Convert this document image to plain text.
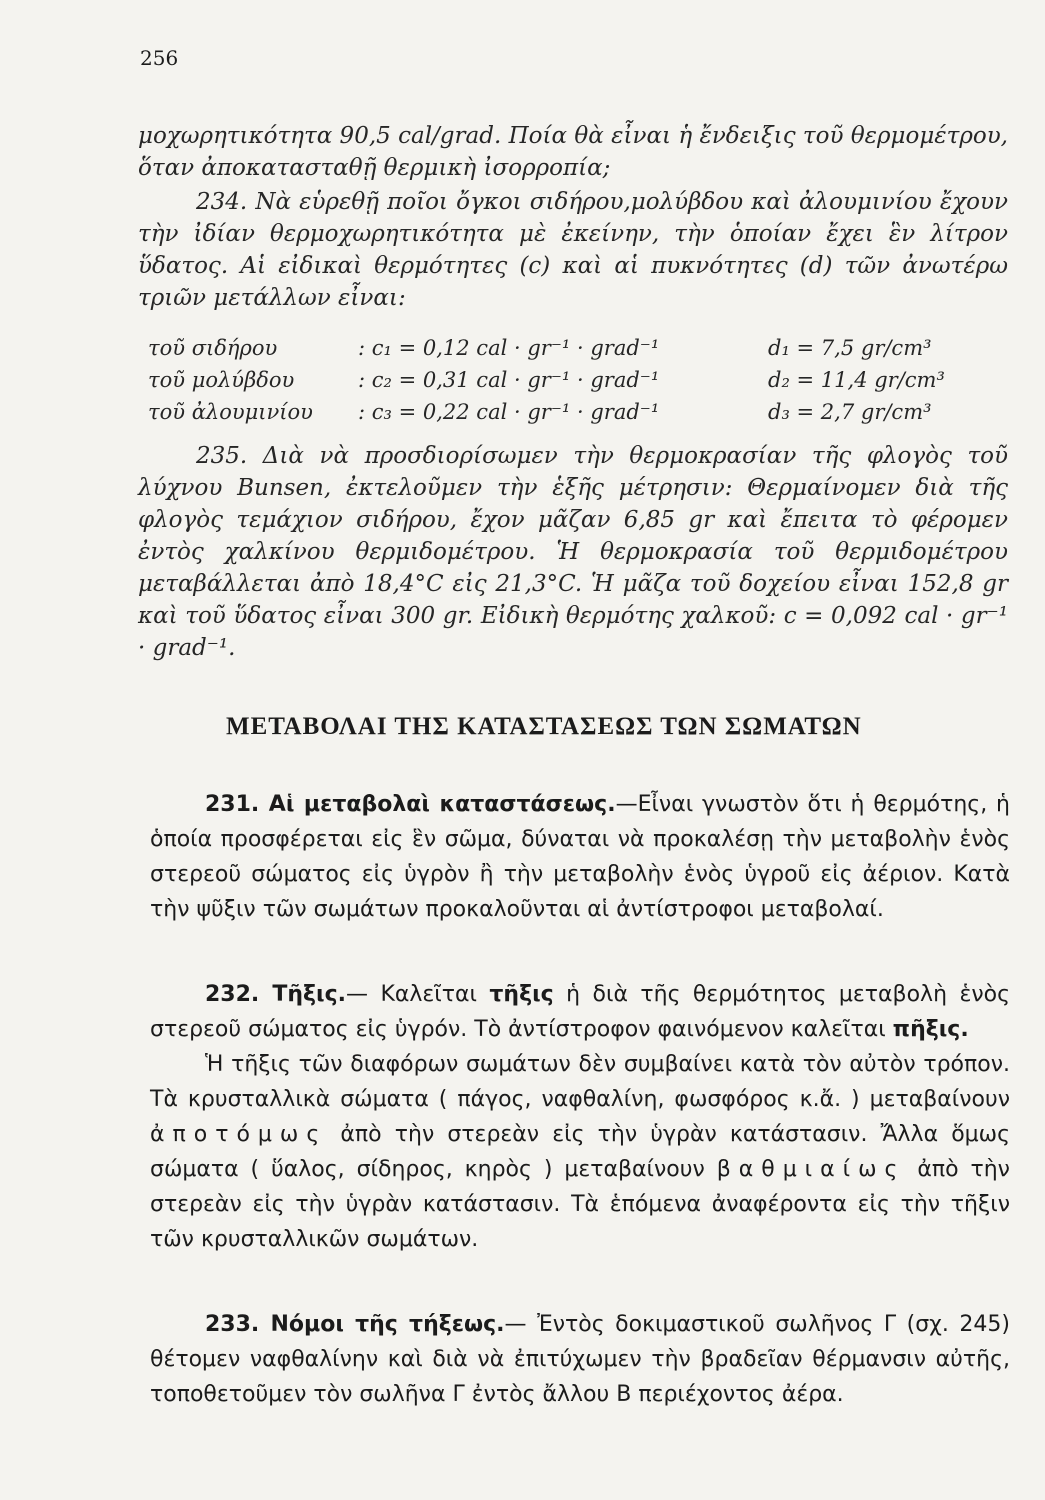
256
μοχωρητικότητα 90,5 cal/grad. Ποία θὰ εἶναι ἡ ἔνδειξις τοῦ θερμομέτρου, ὅταν ἀποκατασταθῇ θερμικὴ ἰσορροπία;
234. Νὰ εὑρεθῇ ποῖοι ὄγκοι σιδήρου,μολύβδου καὶ ἀλουμινίου ἔχουν τὴν ἰδίαν θερμοχωρητικότητα μὲ ἐκείνην, τὴν ὁποίαν ἔχει ἓν λίτρον ὕδατος. Αἱ εἰδικαὶ θερμότητες (c) καὶ αἱ πυκνότητες (d) τῶν ἀνωτέρω τριῶν μετάλλων εἶναι:
τοῦ σιδήρου	: c₁ = 0,12 cal · gr⁻¹ · grad⁻¹	d₁ = 7,5 gr/cm³
τοῦ μολύβδου	: c₂ = 0,31 cal · gr⁻¹ · grad⁻¹	d₂ = 11,4 gr/cm³
τοῦ ἀλουμινίου : c₃ = 0,22 cal · gr⁻¹ · grad⁻¹	d₃ = 2,7 gr/cm³
235. Διὰ νὰ προσδιορίσωμεν τὴν θερμοκρασίαν τῆς φλογὸς τοῦ λύχνου Bunsen, ἐκτελοῦμεν τὴν ἑξῆς μέτρησιν: Θερμαίνομεν διὰ τῆς φλογὸς τεμάχιον σιδήρου, ἔχον μᾶζαν 6,85 gr καὶ ἔπειτα τὸ φέρομεν ἐντὸς χαλκίνου θερμιδομέτρου. Ἡ θερμοκρασία τοῦ θερμιδομέτρου μεταβάλλεται ἀπὸ 18,4°C εἰς 21,3°C. Ἡ μᾶζα τοῦ δοχείου εἶναι 152,8 gr καὶ τοῦ ὕδατος εἶναι 300 gr. Εἰδικὴ θερμότης χαλκοῦ: c = 0,092 cal · gr⁻¹ · grad⁻¹.
ΜΕΤΑΒΟΛΑΙ ΤΗΣ ΚΑΤΑΣΤΑΣΕΩΣ ΤΩΝ ΣΩΜΑΤΩΝ
231. Αἱ μεταβολαὶ καταστάσεως.—Εἶναι γνωστὸν ὅτι ἡ θερμότης, ἡ ὁποία προσφέρεται εἰς ἓν σῶμα, δύναται νὰ προκαλέσῃ τὴν μεταβολὴν ἑνὸς στερεοῦ σώματος εἰς ὑγρὸν ἢ τὴν μεταβολὴν ἑνὸς ὑγροῦ εἰς ἀέριον. Κατὰ τὴν ψῦξιν τῶν σωμάτων προκαλοῦνται αἱ ἀντίστροφοι μεταβολαί.
232. Τῆξις.— Καλεῖται τῆξις ἡ διὰ τῆς θερμότητος μεταβολὴ ἑνὸς στερεοῦ σώματος εἰς ὑγρόν. Τὸ ἀντίστροφον φαινόμενον καλεῖται πῆξις.
Ἡ τῆξις τῶν διαφόρων σωμάτων δὲν συμβαίνει κατὰ τὸν αὐτὸν τρόπον. Τὰ κρυσταλλικὰ σώματα ( πάγος, ναφθαλίνη, φωσφόρος κ.ἄ. ) μεταβαίνουν ἀποτόμως ἀπὸ τὴν στερεὰν εἰς τὴν ὑγρὰν κατάστασιν. Ἄλλα ὅμως σώματα ( ὕαλος, σίδηρος, κηρὸς ) μεταβαίνουν βαθμιαίως ἀπὸ τὴν στερεὰν εἰς τὴν ὑγρὰν κατάστασιν. Τὰ ἑπόμενα ἀναφέροντα εἰς τὴν τῆξιν τῶν κρυσταλλικῶν σωμάτων.
233. Νόμοι τῆς τήξεως.— Ἐντὸς δοκιμαστικοῦ σωλῆνος Γ (σχ. 245) θέτομεν ναφθαλίνην καὶ διὰ νὰ ἐπιτύχωμεν τὴν βραδεῖαν θέρμανσιν αὐτῆς, τοποθετοῦμεν τὸν σωλῆνα Γ ἐντὸς ἄλλου Β περιέχοντος ἀέρα.
